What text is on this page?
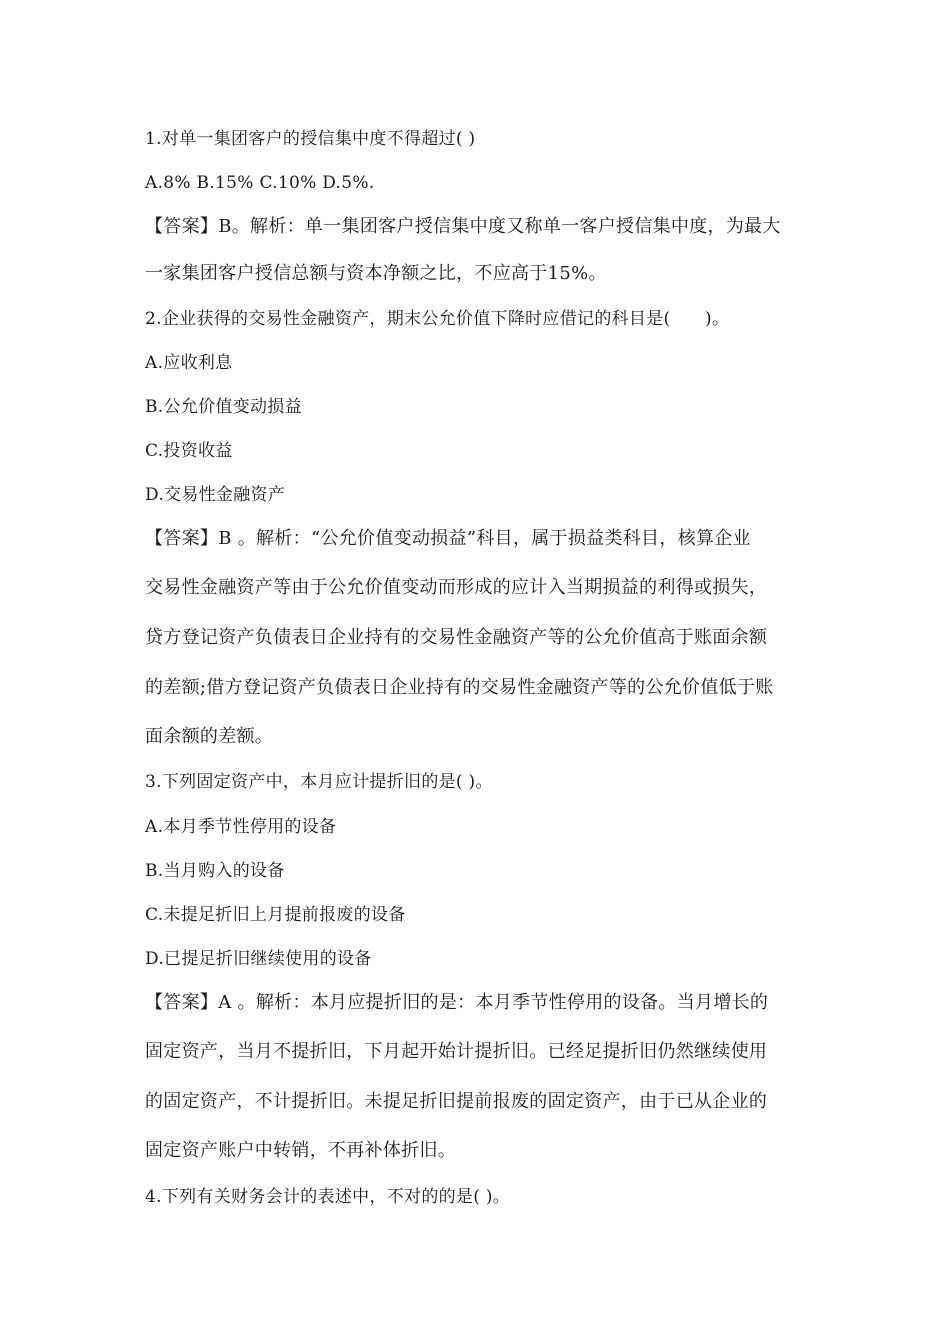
1.对单一集团客户的授信集中度不得超过( )
A.8% B.15% C.10% D.5%.
【答案】B。解析：单一集团客户授信集中度又称单一客户授信集中度，为最大
一家集团客户授信总额与资本净额之比，不应高于15%。
2.企业获得的交易性金融资产，期末公允价值下降时应借记的科目是(　　)。
A.应收利息
B.公允价值变动损益
C.投资收益
D.交易性金融资产
【答案】B 。解析：“公允价值变动损益”科目，属于损益类科目，核算企业
交易性金融资产等由于公允价值变动而形成的应计入当期损益的利得或损失，
贷方登记资产负债表日企业持有的交易性金融资产等的公允价值高于账面余额
的差额;借方登记资产负债表日企业持有的交易性金融资产等的公允价值低于账
面余额的差额。
3.下列固定资产中，本月应计提折旧的是( )。
A.本月季节性停用的设备
B.当月购入的设备
C.未提足折旧上月提前报废的设备
D.已提足折旧继续使用的设备
【答案】A 。解析：本月应提折旧的是：本月季节性停用的设备。当月增长的
固定资产，当月不提折旧，下月起开始计提折旧。已经足提折旧仍然继续使用
的固定资产，不计提折旧。未提足折旧提前报废的固定资产，由于已从企业的
固定资产账户中转销，不再补体折旧。
4.下列有关财务会计的表述中，不对的的是( )。
